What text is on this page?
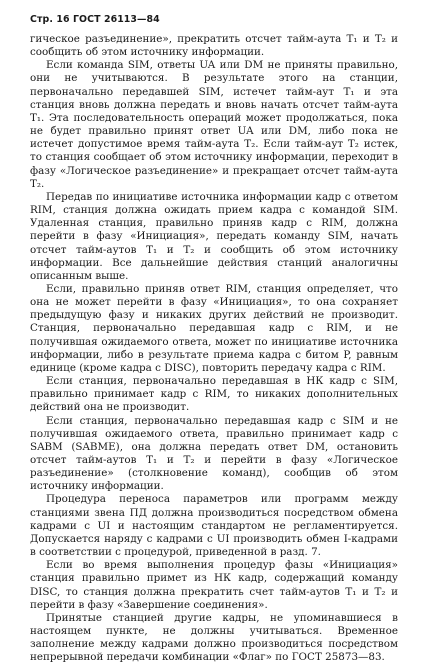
Стр. 16 ГОСТ 26113—84

гическое разъединение», прекратить отсчет тайм-аута T₁ и T₂ и сообщить об этом источнику информации.

Если команда SIM, ответы UA или DM не приняты правильно, они не учитываются. В результате этого на станции, первоначально передавшей SIM, истечет тайм-аут T₁ и эта станция вновь должна передать и вновь начать отсчет тайм-аута T₁. Эта последовательность операций может продолжаться, пока не будет правильно принят ответ UA или DM, либо пока не истечет допустимое время тайм-аута T₂. Если тайм-аут T₂ истек, то станция сообщает об этом источнику информации, переходит в фазу «Логическое разъединение» и прекращает отсчет тайм-аута T₂.

Передав по инициативе источника информации кадр с ответом RIM, станция должна ожидать прием кадра с командой SIM. Удаленная станция, правильно приняв кадр с RIM, должна перейти в фазу «Инициация», передать команду SIM, начать отсчет тайм-аутов T₁ и T₂ и сообщить об этом источнику информации. Все дальнейшие действия станций аналогичны описанным выше.

Если, правильно приняв ответ RIM, станция определяет, что она не может перейти в фазу «Инициация», то она сохраняет предыдущую фазу и никаких других действий не производит. Станция, первоначально передавшая кадр с RIM, и не получившая ожидаемого ответа, может по инициативе источника информации, либо в результате приема кадра с битом P, равным единице (кроме кадра с DISC), повторить передачу кадра с RIM.

Если станция, первоначально передавшая в НК кадр с SIM, правильно принимает кадр с RIM, то никаких дополнительных действий она не производит.

Если станция, первоначально передавшая кадр с SIM и не получившая ожидаемого ответа, правильно принимает кадр с SABM (SABME), она должна передать ответ DM, остановить отсчет тайм-аутов T₁ и T₂ и перейти в фазу «Логическое разъединение» (столкновение команд), сообщив об этом источнику информации.

Процедура переноса параметров или программ между станциями звена ПД должна производиться посредством обмена кадрами с UI и настоящим стандартом не регламентируется. Допускается наряду с кадрами с UI производить обмен I-кадрами в соответствии с процедурой, приведенной в разд. 7.

Если во время выполнения процедур фазы «Инициация» станция правильно примет из НК кадр, содержащий команду DISC, то станция должна прекратить счет тайм-аутов T₁ и T₂ и перейти в фазу «Завершение соединения».

Принятые станцией другие кадры, не упоминавшиеся в настоящем пункте, не должны учитываться. Временное заполнение между кадрами должно производиться посредством непрерывной передачи комбинации «Флаг» по ГОСТ 25873—83.
